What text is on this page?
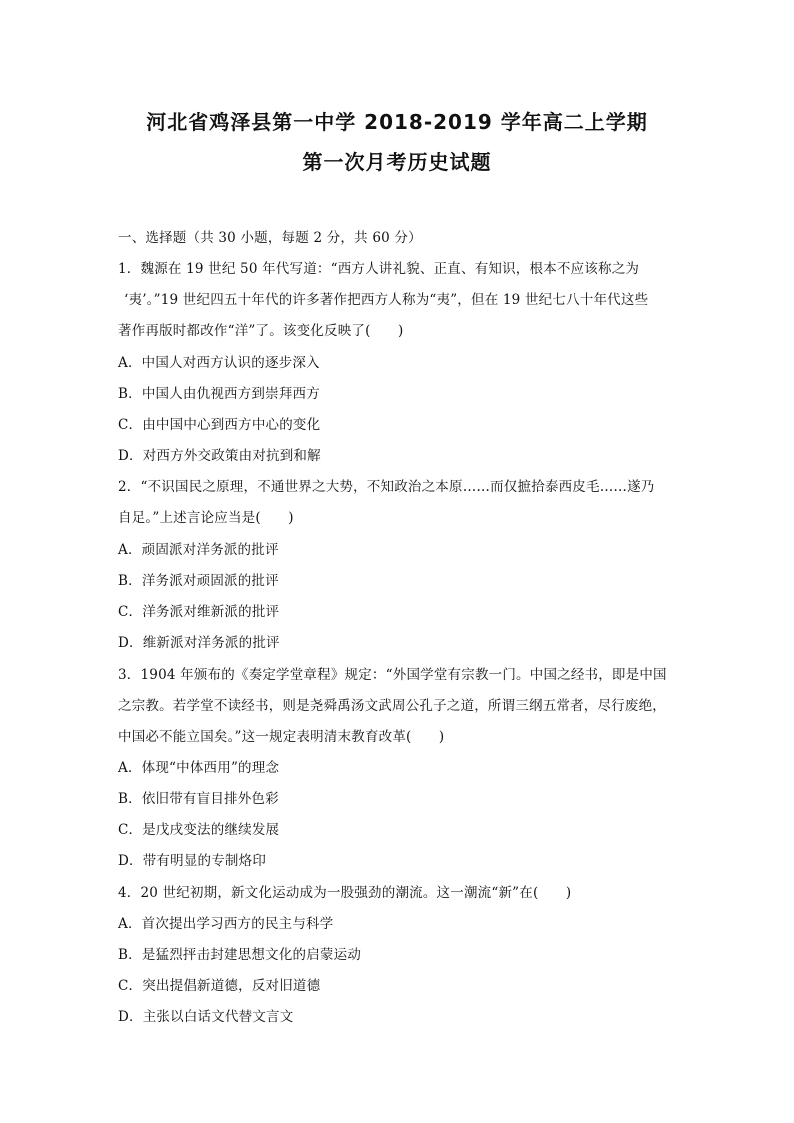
河北省鸡泽县第一中学 2018-2019 学年高二上学期
第一次月考历史试题
一、选择题（共 30 小题，每题 2 分，共 60 分）
1．魏源在 19 世纪 50 年代写道：“西方人讲礼貌、正直、有知识，根本不应该称之为
‘夷’。”19 世纪四五十年代的许多著作把西方人称为“夷”，但在 19 世纪七八十年代这些
著作再版时都改作“洋”了。该变化反映了(　　)
A．中国人对西方认识的逐步深入
B．中国人由仇视西方到崇拜西方
C．由中国中心到西方中心的变化
D．对西方外交政策由对抗到和解
2．“不识国民之原理，不通世界之大势，不知政治之本原……而仅摭拾泰西皮毛……遂乃
自足。”上述言论应当是(　　)
A．顽固派对洋务派的批评
B．洋务派对顽固派的批评
C．洋务派对维新派的批评
D．维新派对洋务派的批评
3．1904 年颁布的《奏定学堂章程》规定：“外国学堂有宗教一门。中国之经书，即是中国
之宗教。若学堂不读经书，则是尧舜禹汤文武周公孔子之道，所谓三纲五常者，尽行废绝，
中国必不能立国矣。”这一规定表明清末教育改革(　　)
A．体现“中体西用”的理念
B．依旧带有盲目排外色彩
C．是戊戌变法的继续发展
D．带有明显的专制烙印
4．20 世纪初期，新文化运动成为一股强劲的潮流。这一潮流“新”在(　　)
A．首次提出学习西方的民主与科学
B．是猛烈抨击封建思想文化的启蒙运动
C．突出提倡新道德，反对旧道德
D．主张以白话文代替文言文
